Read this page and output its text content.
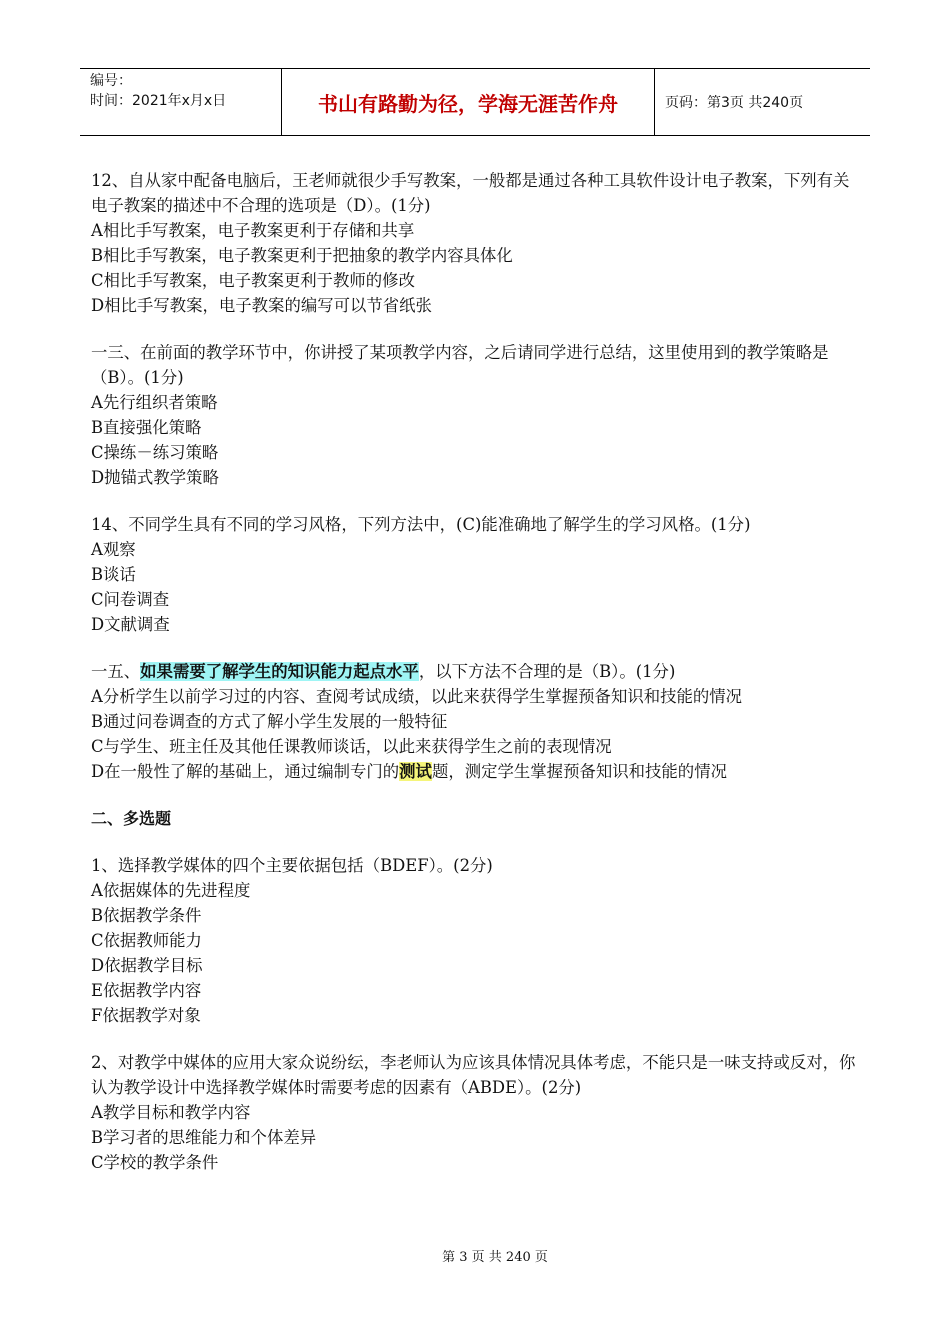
编号：
时间：2021年x月x日	书山有路勤为径，学海无涯苦作舟	页码：第3页 共240页

12、自从家中配备电脑后，王老师就很少手写教案，一般都是通过各种工具软件设计电子教案，下列有关电子教案的描述中不合理的选项是（D）。(1分)

A相比手写教案，电子教案更利于存储和共享

B相比手写教案，电子教案更利于把抽象的教学内容具体化

C相比手写教案，电子教案更利于教师的修改

D相比手写教案，电子教案的编写可以节省纸张

一三、在前面的教学环节中，你讲授了某项教学内容，之后请同学进行总结，这里使用到的教学策略是（B）。(1分)

A先行组织者策略

B直接强化策略

C操练－练习策略

D抛锚式教学策略

14、不同学生具有不同的学习风格，下列方法中，(C)能准确地了解学生的学习风格。(1分)

A观察

B谈话

C问卷调查

D文献调查

一五、如果需要了解学生的知识能力起点水平，以下方法不合理的是（B）。(1分)

A分析学生以前学习过的内容、查阅考试成绩，以此来获得学生掌握预备知识和技能的情况

B通过问卷调查的方式了解小学生发展的一般特征

C与学生、班主任及其他任课教师谈话，以此来获得学生之前的表现情况

D在一般性了解的基础上，通过编制专门的测试题，测定学生掌握预备知识和技能的情况

二、多选题

1、选择教学媒体的四个主要依据包括（BDEF）。(2分)

A依据媒体的先进程度

B依据教学条件

C依据教师能力

D依据教学目标

E依据教学内容

F依据教学对象

2、对教学中媒体的应用大家众说纷纭，李老师认为应该具体情况具体考虑，不能只是一味支持或反对，你认为教学设计中选择教学媒体时需要考虑的因素有（ABDE）。(2分)

A教学目标和教学内容

B学习者的思维能力和个体差异

C学校的教学条件

第 3 页 共 240 页
